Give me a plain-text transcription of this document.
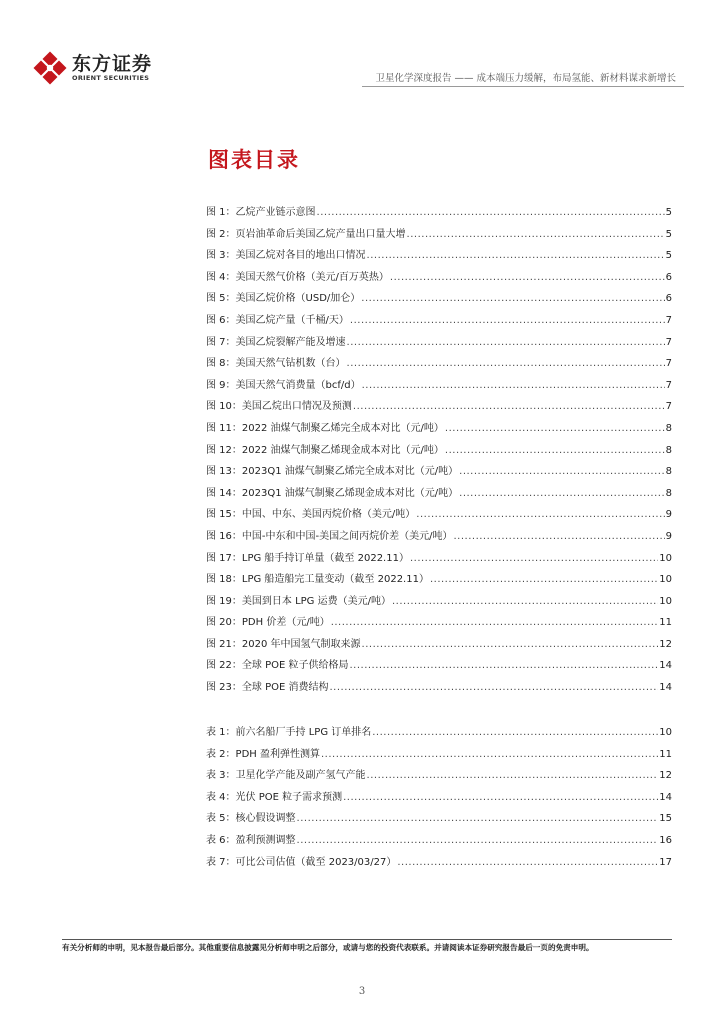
东方证券
ORIENT SECURITIES	卫星化学深度报告 —— 成本端压力缓解，布局氢能、新材料谋求新增长
图表目录
图 1：乙烷产业链示意图 .....	5
图 2：页岩油革命后美国乙烷产量出口量大增 .....	5
图 3：美国乙烷对各目的地出口情况 .....	5
图 4：美国天然气价格（美元/百万英热） .....	6
图 5：美国乙烷价格（USD/加仑） .....	6
图 6：美国乙烷产量（千桶/天） .....	7
图 7：美国乙烷裂解产能及增速 .....	7
图 8：美国天然气钻机数（台） .....	7
图 9：美国天然气消费量（bcf/d） .....	7
图 10：美国乙烷出口情况及预测 .....	7
图 11：2022 油煤气制聚乙烯完全成本对比（元/吨） .....	8
图 12：2022 油煤气制聚乙烯现金成本对比（元/吨） .....	8
图 13：2023Q1 油煤气制聚乙烯完全成本对比（元/吨） .....	8
图 14：2023Q1 油煤气制聚乙烯现金成本对比（元/吨） .....	8
图 15：中国、中东、美国丙烷价格（美元/吨） .....	9
图 16：中国-中东和中国-美国之间丙烷价差（美元/吨） .....	9
图 17：LPG 船手持订单量（截至 2022.11） .....	10
图 18：LPG 船造船完工量变动（截至 2022.11） .....	10
图 19：美国到日本 LPG 运费（美元/吨） .....	10
图 20：PDH 价差（元/吨） .....	11
图 21：2020 年中国氢气制取来源 .....	12
图 22：全球 POE 粒子供给格局 .....	14
图 23：全球 POE 消费结构 .....	14
表 1：前六名船厂手持 LPG 订单排名 .....	10
表 2：PDH 盈利弹性测算 .....	11
表 3：卫星化学产能及副产氢气产能 .....	12
表 4：光伏 POE 粒子需求预测 .....	14
表 5：核心假设调整 .....	15
表 6：盈利预测调整 .....	16
表 7：可比公司估值（截至 2023/03/27） .....	17
有关分析师的申明，见本报告最后部分。其他重要信息披露见分析师申明之后部分，或请与您的投资代表联系。并请阅读本证券研究报告最后一页的免责申明。
3
